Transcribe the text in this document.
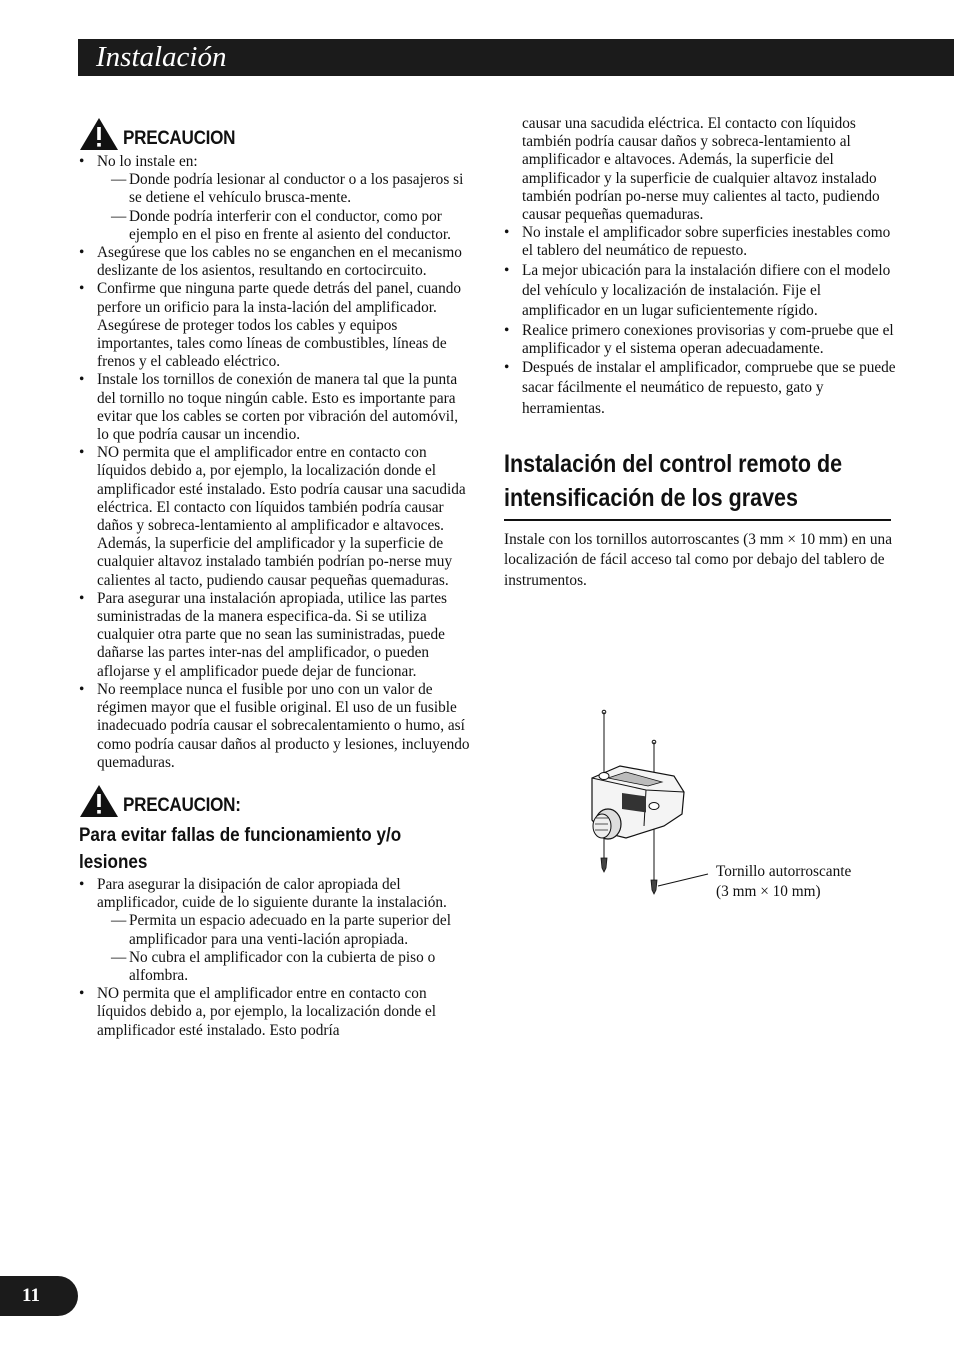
Instalación
PRECAUCION
• No lo instale en:
— Donde podría lesionar al conductor o a los pasajeros si se detiene el vehículo brusca-mente.
— Donde podría interferir con el conductor, como por ejemplo en el piso en frente al asiento del conductor.
• Asegúrese que los cables no se enganchen en el mecanismo deslizante de los asientos, resultando en cortocircuito.
• Confirme que ninguna parte quede detrás del panel, cuando perfore un orificio para la insta-lación del amplificador. Asegúrese de proteger todos los cables y equipos importantes, tales como líneas de combustibles, líneas de frenos y el cableado eléctrico.
• Instale los tornillos de conexión de manera tal que la punta del tornillo no toque ningún cable. Esto es importante para evitar que los cables se corten por vibración del automóvil, lo que podría causar un incendio.
• NO permita que el amplificador entre en contacto con líquidos debido a, por ejemplo, la localización donde el amplificador esté instalado. Esto podría causar una sacudida eléctrica. El contacto con líquidos también podría causar daños y sobreca-lentamiento al amplificador e altavoces. Además, la superficie del amplificador y la superficie de cualquier altavoz instalado también podrían po-nerse muy calientes al tacto, pudiendo causar pequeñas quemaduras.
• Para asegurar una instalación apropiada, utilice las partes suministradas de la manera especifica-da. Si se utiliza cualquier otra parte que no sean las suministradas, puede dañarse las partes inter-nas del amplificador, o pueden aflojarse y el amplificador puede dejar de funcionar.
• No reemplace nunca el fusible por uno con un valor de régimen mayor que el fusible original. El uso de un fusible inadecuado podría causar el sobrecalentamiento o humo, así como podría causar daños al producto y lesiones, incluyendo quemaduras.
PRECAUCION:
Para evitar fallas de funcionamiento y/o lesiones
• Para asegurar la disipación de calor apropiada del amplificador, cuide de lo siguiente durante la instalación.
— Permita un espacio adecuado en la parte superior del amplificador para una venti-lación apropiada.
— No cubra el amplificador con la cubierta de piso o alfombra.
• NO permita que el amplificador entre en contacto con líquidos debido a, por ejemplo, la localización donde el amplificador esté instalado. Esto podría
causar una sacudida eléctrica. El contacto con líquidos también podría causar daños y sobreca-lentamiento al amplificador e altavoces. Además, la superficie del amplificador y la superficie de cualquier altavoz instalado también podrían po-nerse muy calientes al tacto, pudiendo causar pequeñas quemaduras.
• No instale el amplificador sobre superficies inestables como el tablero del neumático de repuesto.
• La mejor ubicación para la instalación difiere con el modelo del vehículo y localización de instalación. Fije el amplificador en un lugar suficientemente rígido.
• Realice primero conexiones provisorias y com-pruebe que el amplificador y el sistema operan adecuadamente.
• Después de instalar el amplificador, compruebe que se puede sacar fácilmente el neumático de repuesto, gato y herramientas.
Instalación del control remoto de intensificación de los graves
Instale con los tornillos autorroscantes (3 mm × 10 mm) en una localización de fácil acceso tal como por debajo del tablero de instrumentos.
Tornillo autorroscante
(3 mm × 10 mm)
11
